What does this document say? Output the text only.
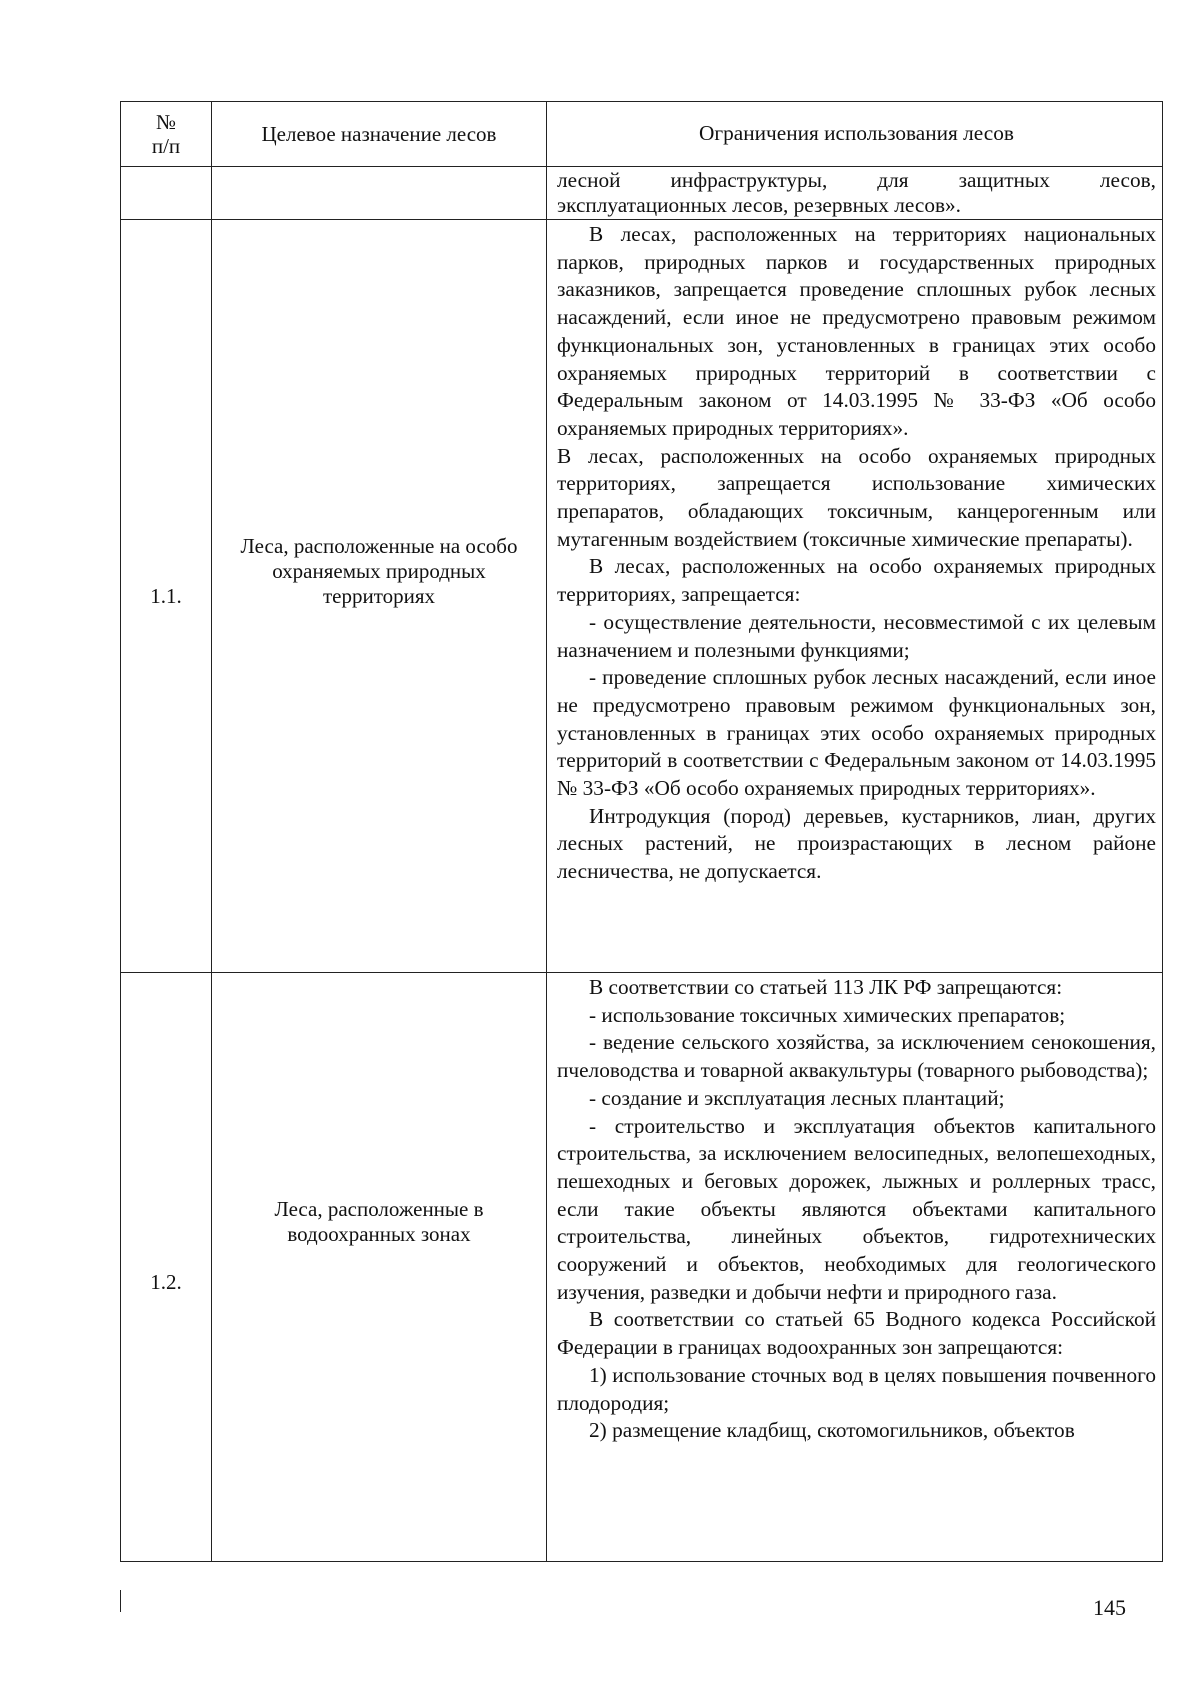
№
п/п
Целевое назначение лесов	Ограничения использования лесов

лесной инфраструктуры, для защитных лесов,

эксплуатационных лесов, резервных лесов».

1.1.
Леса, расположенные на особо охраняемых природных территориях

В лесах, расположенных на территориях национальных парков, природных парков и государственных природных заказников, запрещается проведение сплошных рубок лесных насаждений, если иное не предусмотрено правовым режимом функциональных зон, установленных в границах этих особо охраняемых природных территорий в соответствии с Федеральным законом от 14.03.1995 № 33-ФЗ «Об особо охраняемых природных территориях».

В лесах, расположенных на особо охраняемых природных территориях, запрещается использование химических препаратов, обладающих токсичным, канцерогенным или мутагенным воздействием (токсичные химические препараты).

В лесах, расположенных на особо охраняемых природных территориях, запрещается:

- осуществление деятельности, несовместимой с их целевым назначением и полезными функциями;

- проведение сплошных рубок лесных насаждений, если иное не предусмотрено правовым режимом функциональных зон, установленных в границах этих особо охраняемых природных территорий в соответствии с Федеральным законом от 14.03.1995 № 33-ФЗ «Об особо охраняемых природных территориях».

Интродукция (пород) деревьев, кустарников, лиан, других лесных растений, не произрастающих в лесном районе лесничества, не допускается.

1.2.
Леса, расположенные в водоохранных зонах

В соответствии со статьей 113 ЛК РФ запрещаются:

- использование токсичных химических препаратов;

- ведение сельского хозяйства, за исключением сенокошения, пчеловодства и товарной аквакультуры (товарного рыбоводства);

- создание и эксплуатация лесных плантаций;

- строительство и эксплуатация объектов капитального строительства, за исключением велосипедных, велопешеходных, пешеходных и беговых дорожек, лыжных и роллерных трасс, если такие объекты являются объектами капитального строительства, линейных объектов, гидротехнических сооружений и объектов, необходимых для геологического изучения, разведки и добычи нефти и природного газа.

В соответствии со статьей 65 Водного кодекса Российской Федерации в границах водоохранных зон запрещаются:

1) использование сточных вод в целях повышения почвенного плодородия;

2) размещение кладбищ, скотомогильников, объектов

145
